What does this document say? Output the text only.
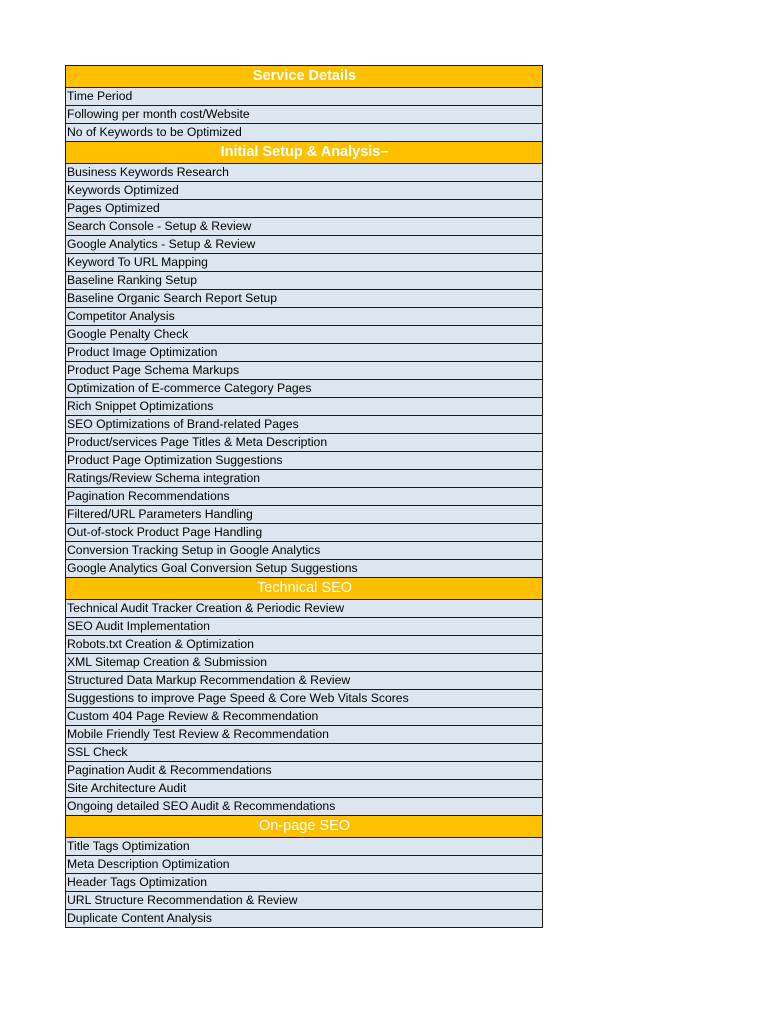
Service Details
Time Period
Following per month cost/Website
No of Keywords to be Optimized
Initial Setup & Analysis–
Business Keywords Research
Keywords Optimized
Pages Optimized
Search Console - Setup & Review
Google Analytics - Setup & Review
Keyword To URL Mapping
Baseline Ranking Setup
Baseline Organic Search Report Setup
Competitor Analysis
Google Penalty Check
Product Image Optimization
Product Page Schema Markups
Optimization of E-commerce Category Pages
Rich Snippet Optimizations
SEO Optimizations of Brand-related Pages
Product/services Page Titles & Meta Description
Product Page Optimization Suggestions
Ratings/Review Schema integration
Pagination Recommendations
Filtered/URL Parameters Handling
Out-of-stock Product Page Handling
Conversion Tracking Setup in Google Analytics
Google Analytics Goal Conversion Setup Suggestions
Technical SEO
Technical Audit Tracker Creation & Periodic Review
SEO Audit Implementation
Robots.txt Creation & Optimization
XML Sitemap Creation & Submission
Structured Data Markup Recommendation & Review
Suggestions to improve Page Speed & Core Web Vitals Scores
Custom 404 Page Review & Recommendation
Mobile Friendly Test Review & Recommendation
SSL Check
Pagination Audit & Recommendations
Site Architecture Audit
Ongoing detailed SEO Audit & Recommendations
On-page SEO
Title Tags Optimization
Meta Description Optimization
Header Tags Optimization
URL Structure Recommendation & Review
Duplicate Content Analysis
